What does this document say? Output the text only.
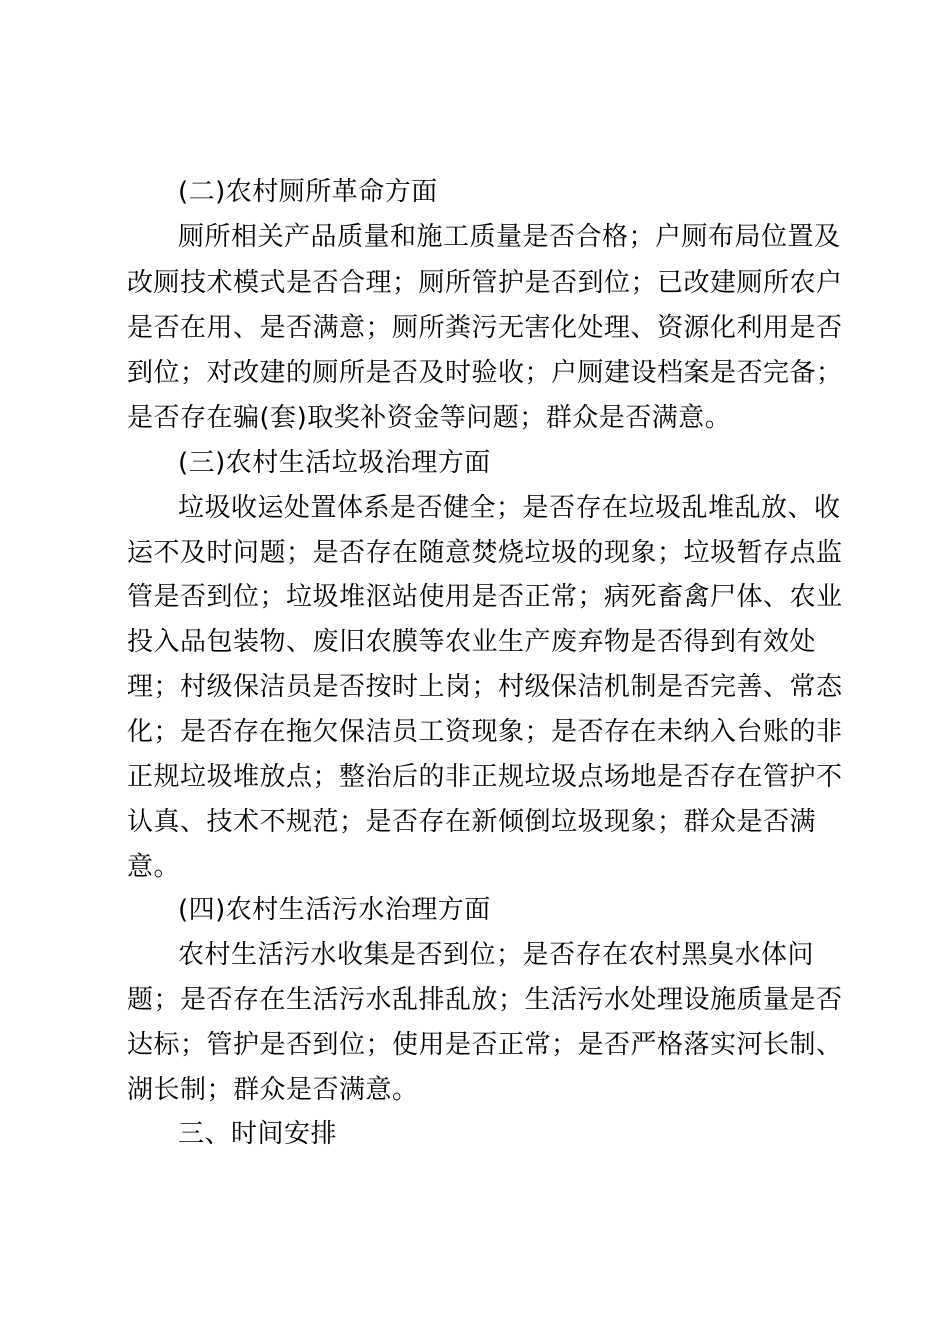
(二)农村厕所革命方面
厕所相关产品质量和施工质量是否合格；户厕布局位置及
改厕技术模式是否合理；厕所管护是否到位；已改建厕所农户
是否在用、是否满意；厕所粪污无害化处理、资源化利用是否
到位；对改建的厕所是否及时验收；户厕建设档案是否完备；
是否存在骗(套)取奖补资金等问题；群众是否满意。
(三)农村生活垃圾治理方面
垃圾收运处置体系是否健全；是否存在垃圾乱堆乱放、收
运不及时问题；是否存在随意焚烧垃圾的现象；垃圾暂存点监
管是否到位；垃圾堆沤站使用是否正常；病死畜禽尸体、农业
投入品包装物、废旧农膜等农业生产废弃物是否得到有效处
理；村级保洁员是否按时上岗；村级保洁机制是否完善、常态
化；是否存在拖欠保洁员工资现象；是否存在未纳入台账的非
正规垃圾堆放点；整治后的非正规垃圾点场地是否存在管护不
认真、技术不规范；是否存在新倾倒垃圾现象；群众是否满
意。
(四)农村生活污水治理方面
农村生活污水收集是否到位；是否存在农村黑臭水体问
题；是否存在生活污水乱排乱放；生活污水处理设施质量是否
达标；管护是否到位；使用是否正常；是否严格落实河长制、
湖长制；群众是否满意。
三、时间安排
